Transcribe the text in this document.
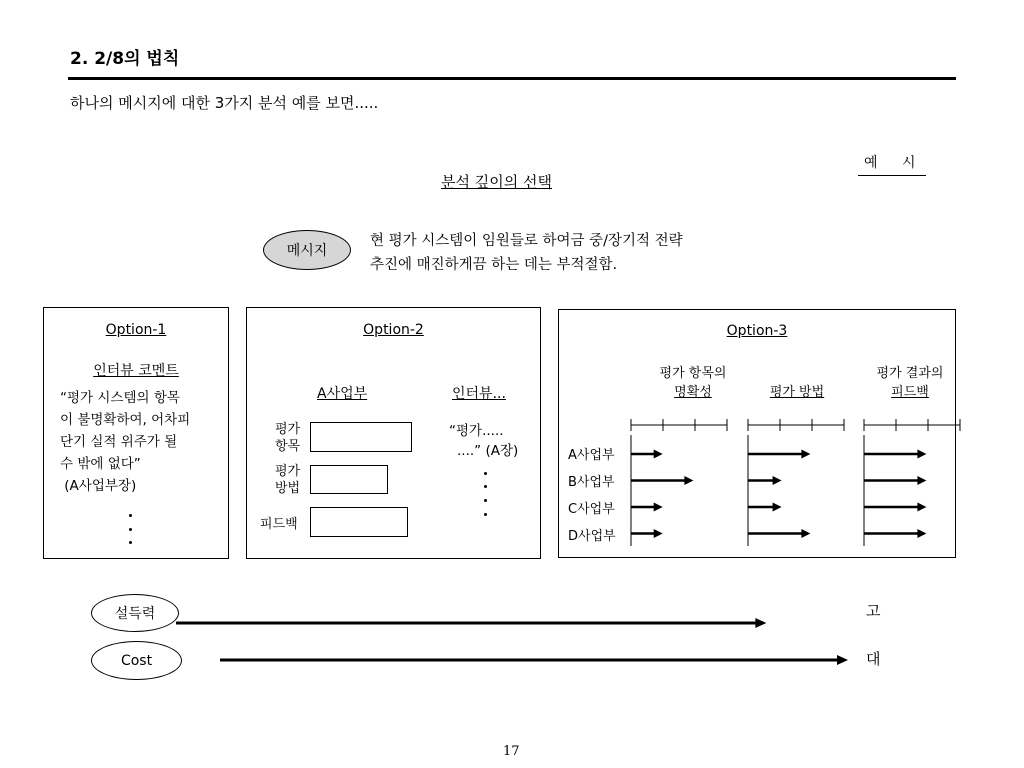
2. 2/8의 법칙
하나의 메시지에 대한 3가지 분석 예를 보면.....
예 시
분석 깊이의 선택
메시지
현 평가 시스템이 임원들로 하여금 중/장기적 전략
추진에 매진하게끔 하는 데는 부적절함.
Option-1
인터뷰 코멘트
“평가 시스템의 항목
이 불명확하여, 어차피
단기 실적 위주가 될
수 밖에 없다”
(A사업부장)
Option-2
A사업부	인터뷰...
평가
항목
평가
방법
피드백
“평가.....
....” (A장)
Option-3
평가 항목의
명확성	평가 방법
평가 결과의
피드백
A사업부
B사업부
C사업부
D사업부
설득력
Cost
고
대
17
